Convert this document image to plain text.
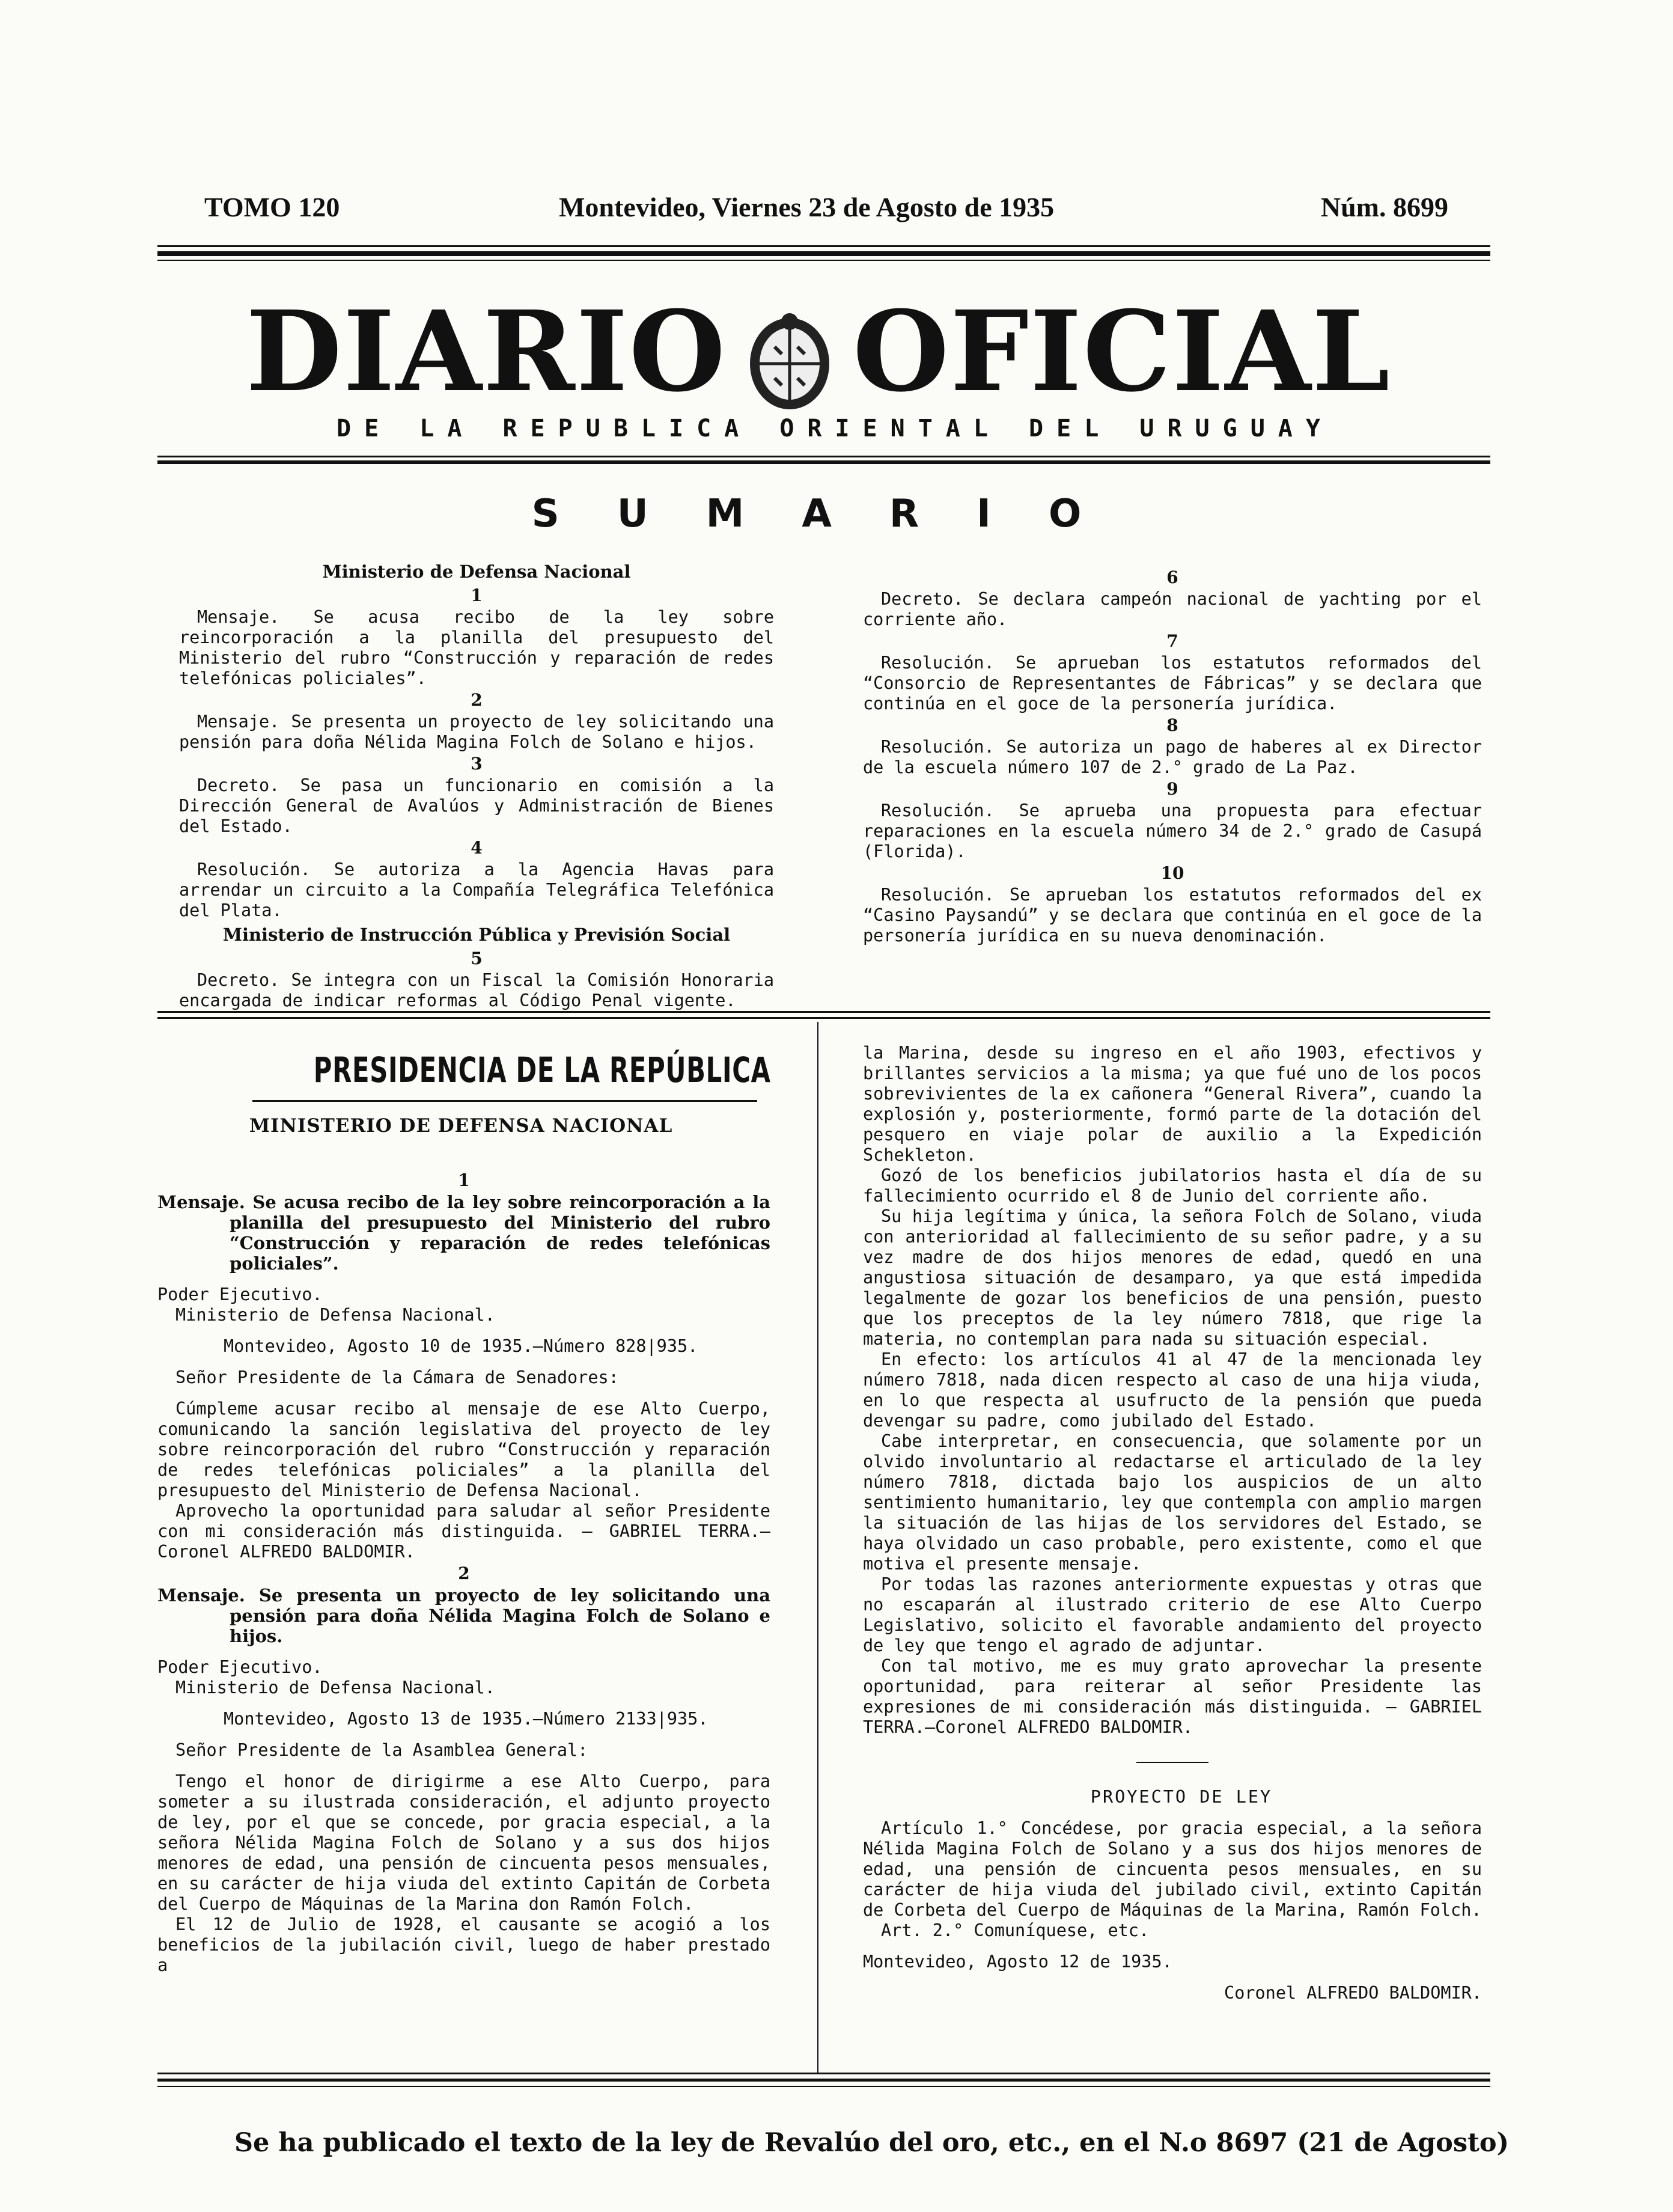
TOMO 120	Montevideo, Viernes 23 de Agosto de 1935	Núm. 8699
DIARIO OFICIAL
DE LA REPUBLICA ORIENTAL DEL URUGUAY
SUMARIO

Ministerio de Defensa Nacional

1

Mensaje. Se acusa recibo de la ley sobre reincorporación a la planilla del presupuesto del Ministerio del rubro “Construcción y reparación de redes telefónicas policiales”.

2

Mensaje. Se presenta un proyecto de ley solicitando una pensión para doña Nélida Magina Folch de Solano e hijos.

3

Decreto. Se pasa un funcionario en comisión a la Dirección General de Avalúos y Administración de Bienes del Estado.

4

Resolución. Se autoriza a la Agencia Havas para arrendar un circuito a la Compañía Telegráfica Telefónica del Plata.

Ministerio de Instrucción Pública y Previsión Social

5

Decreto. Se integra con un Fiscal la Comisión Honoraria encargada de indicar reformas al Código Penal vigente.

6

Decreto. Se declara campeón nacional de yachting por el corriente año.

7

Resolución. Se aprueban los estatutos reformados del “Consorcio de Representantes de Fábricas” y se declara que continúa en el goce de la personería jurídica.

8

Resolución. Se autoriza un pago de haberes al ex Director de la escuela número 107 de 2.° grado de La Paz.

9

Resolución. Se aprueba una propuesta para efectuar reparaciones en la escuela número 34 de 2.° grado de Casupá (Florida).

10

Resolución. Se aprueban los estatutos reformados del ex “Casino Paysandú” y se declara que continúa en el goce de la personería jurídica en su nueva denominación.

PRESIDENCIA DE LA REPÚBLICA
MINISTERIO DE DEFENSA NACIONAL

1

Mensaje. Se acusa recibo de la ley sobre reincorporación a la planilla del presupuesto del Ministerio del rubro “Construcción y reparación de redes telefónicas policiales”.

Poder Ejecutivo.

Ministerio de Defensa Nacional.

Montevideo, Agosto 10 de 1935.—Número 828|935.

Señor Presidente de la Cámara de Senadores:

Cúmpleme acusar recibo al mensaje de ese Alto Cuerpo, comunicando la sanción legislativa del proyecto de ley sobre reincorporación del rubro “Construcción y reparación de redes telefónicas policiales” a la planilla del presupuesto del Ministerio de Defensa Nacional.

Aprovecho la oportunidad para saludar al señor Presidente con mi consideración más distinguida. — GABRIEL TERRA.—Coronel ALFREDO BALDOMIR.

2

Mensaje. Se presenta un proyecto de ley solicitando una pensión para doña Nélida Magina Folch de Solano e hijos.

Poder Ejecutivo.

Ministerio de Defensa Nacional.

Montevideo, Agosto 13 de 1935.—Número 2133|935.

Señor Presidente de la Asamblea General:

Tengo el honor de dirigirme a ese Alto Cuerpo, para someter a su ilustrada consideración, el adjunto proyecto de ley, por el que se concede, por gracia especial, a la señora Nélida Magina Folch de Solano y a sus dos hijos menores de edad, una pensión de cincuenta pesos mensuales, en su carácter de hija viuda del extinto Capitán de Corbeta del Cuerpo de Máquinas de la Marina don Ramón Folch.

El 12 de Julio de 1928, el causante se acogió a los beneficios de la jubilación civil, luego de haber prestado a

la Marina, desde su ingreso en el año 1903, efectivos y brillantes servicios a la misma; ya que fué uno de los pocos sobrevivientes de la ex cañonera “General Rivera”, cuando la explosión y, posteriormente, formó parte de la dotación del pesquero en viaje polar de auxilio a la Expedición Schekleton.

Gozó de los beneficios jubilatorios hasta el día de su fallecimiento ocurrido el 8 de Junio del corriente año.

Su hija legítima y única, la señora Folch de Solano, viuda con anterioridad al fallecimiento de su señor padre, y a su vez madre de dos hijos menores de edad, quedó en una angustiosa situación de desamparo, ya que está impedida legalmente de gozar los beneficios de una pensión, puesto que los preceptos de la ley número 7818, que rige la materia, no contemplan para nada su situación especial.

En efecto: los artículos 41 al 47 de la mencionada ley número 7818, nada dicen respecto al caso de una hija viuda, en lo que respecta al usufructo de la pensión que pueda devengar su padre, como jubilado del Estado.

Cabe interpretar, en consecuencia, que solamente por un olvido involuntario al redactarse el articulado de la ley número 7818, dictada bajo los auspicios de un alto sentimiento humanitario, ley que contempla con amplio margen la situación de las hijas de los servidores del Estado, se haya olvidado un caso probable, pero existente, como el que motiva el presente mensaje.

Por todas las razones anteriormente expuestas y otras que no escaparán al ilustrado criterio de ese Alto Cuerpo Legislativo, solicito el favorable andamiento del proyecto de ley que tengo el agrado de adjuntar.

Con tal motivo, me es muy grato aprovechar la presente oportunidad, para reiterar al señor Presidente las expresiones de mi consideración más distinguida. — GABRIEL TERRA.—Coronel ALFREDO BALDOMIR.

PROYECTO DE LEY

Artículo 1.° Concédese, por gracia especial, a la señora Nélida Magina Folch de Solano y a sus dos hijos menores de edad, una pensión de cincuenta pesos mensuales, en su carácter de hija viuda del jubilado civil, extinto Capitán de Corbeta del Cuerpo de Máquinas de la Marina, Ramón Folch.

Art. 2.° Comuníquese, etc.

Montevideo, Agosto 12 de 1935.

Coronel ALFREDO BALDOMIR.

Se ha publicado el texto de la ley de Revalúo del oro, etc., en el N.o 8697 (21 de Agosto)
